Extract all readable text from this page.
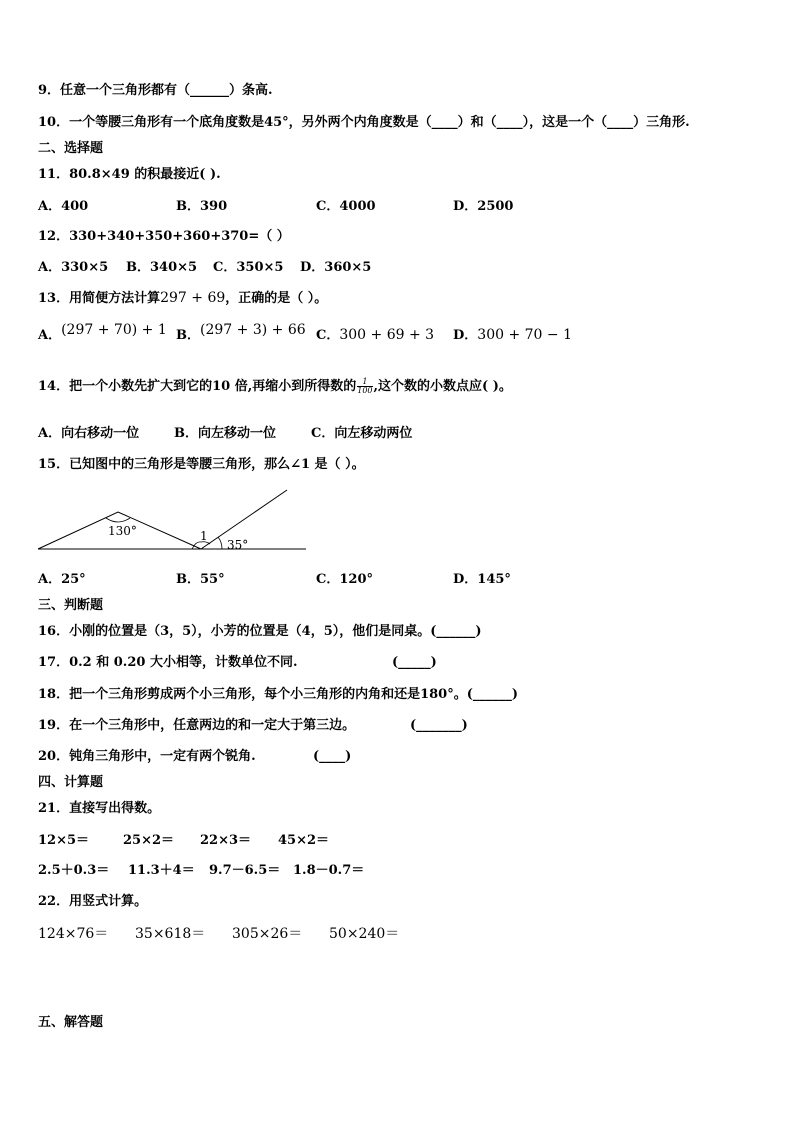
9．任意一个三角形都有（______）条高.
10．一个等腰三角形有一个底角度数是45°，另外两个内角度数是（____）和（____），这是一个（____）三角形.
二、选择题
11．80.8×49 的积最接近( ).
A．400	B．390	C．4000	D．2500
12．330+340+350+360+370=（ ）
A．330×5 B．340×5 C．350×5 D．360×5
13．用简便方法计算297 + 69，正确的是（ ）。
A．(297 + 70) + 1 B．(297 + 3) + 66 C．300 + 69 + 3 D．300 + 70 − 1
14．把一个小数先扩大到它的10 倍,再缩小到所得数的 $\frac{1}{100}$ ,这个数的小数点应( )。
A．向右移动一位	B．向左移动一位	C．向左移动两位
15．已知图中的三角形是等腰三角形，那么∠1 是（ ）。
130°	1
35°
A．25°	B．55°	C．120°	D．145°
三、判断题
16．小刚的位置是（3，5），小芳的位置是（4，5），他们是同桌。(______)
17．0.2 和 0.20 大小相等，计数单位不同.	(_____)
18．把一个三角形剪成两个小三角形，每个小三角形的内角和还是180°。(______)
19．在一个三角形中，任意两边的和一定大于第三边。	(_______)
20．钝角三角形中，一定有两个锐角.	(____)
四、计算题
21．直接写出得数。
12×5＝	25×2＝ 22×3＝ 45×2＝
2.5＋0.3＝ 11.3＋4＝ 9.7－6.5＝ 1.8－0.7＝
22．用竖式计算。
124×76＝ 35×618＝ 305×26＝ 50×240＝
五、解答题
